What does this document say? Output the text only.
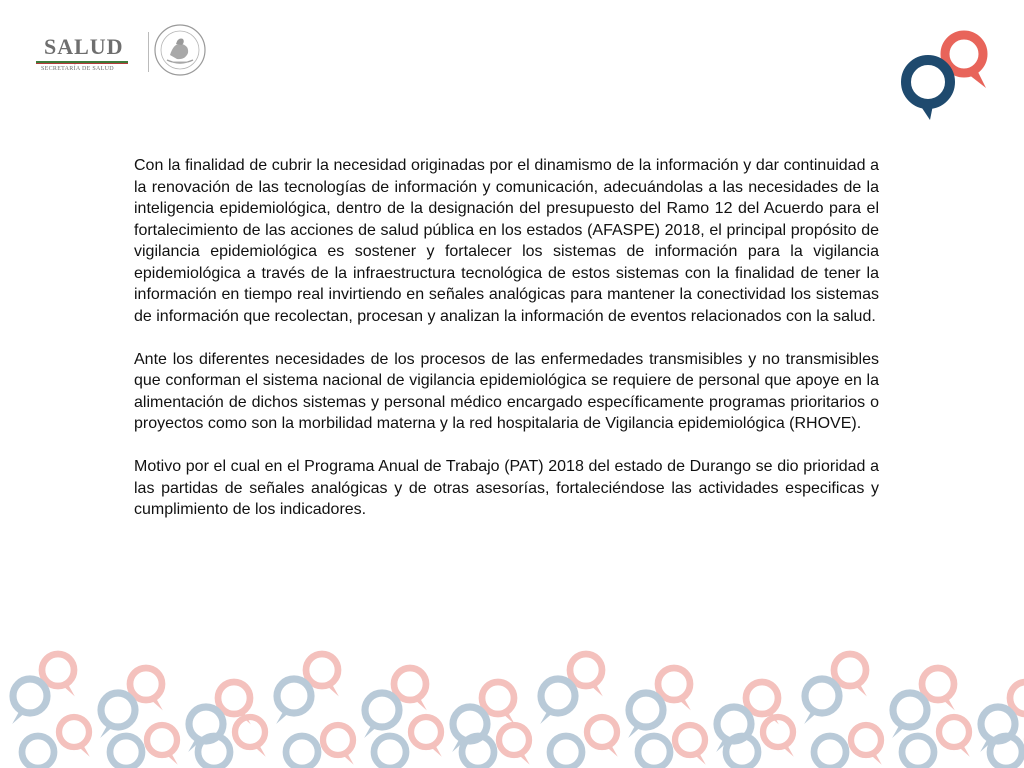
SALUD
SECRETARÍA DE SALUD

Con la finalidad de cubrir la necesidad originadas por el dinamismo de la información y dar continuidad a la renovación de las tecnologías de información y comunicación, adecuándolas a las necesidades de la inteligencia epidemiológica, dentro de la designación del presupuesto del Ramo 12 del Acuerdo para el fortalecimiento de las acciones de salud pública en los estados (AFASPE) 2018, el principal propósito de vigilancia epidemiológica es sostener y fortalecer los sistemas de información para la vigilancia epidemiológica a través de la infraestructura tecnológica de estos sistemas con la finalidad de tener la información en tiempo real invirtiendo en señales analógicas para mantener la conectividad los sistemas de información que recolectan, procesan y analizan la información de eventos relacionados con la salud.

Ante los diferentes necesidades de los procesos de las enfermedades transmisibles y no transmisibles que conforman el sistema nacional de vigilancia epidemiológica se requiere de personal que apoye en la alimentación de dichos sistemas y personal médico encargado específicamente programas prioritarios o proyectos como son la morbilidad materna y la red hospitalaria de Vigilancia epidemiológica (RHOVE).

Motivo por el cual en el Programa Anual de Trabajo (PAT) 2018 del estado de Durango se dio prioridad a las partidas de señales analógicas y de otras asesorías, fortaleciéndose las actividades especificas y cumplimiento de los indicadores.
